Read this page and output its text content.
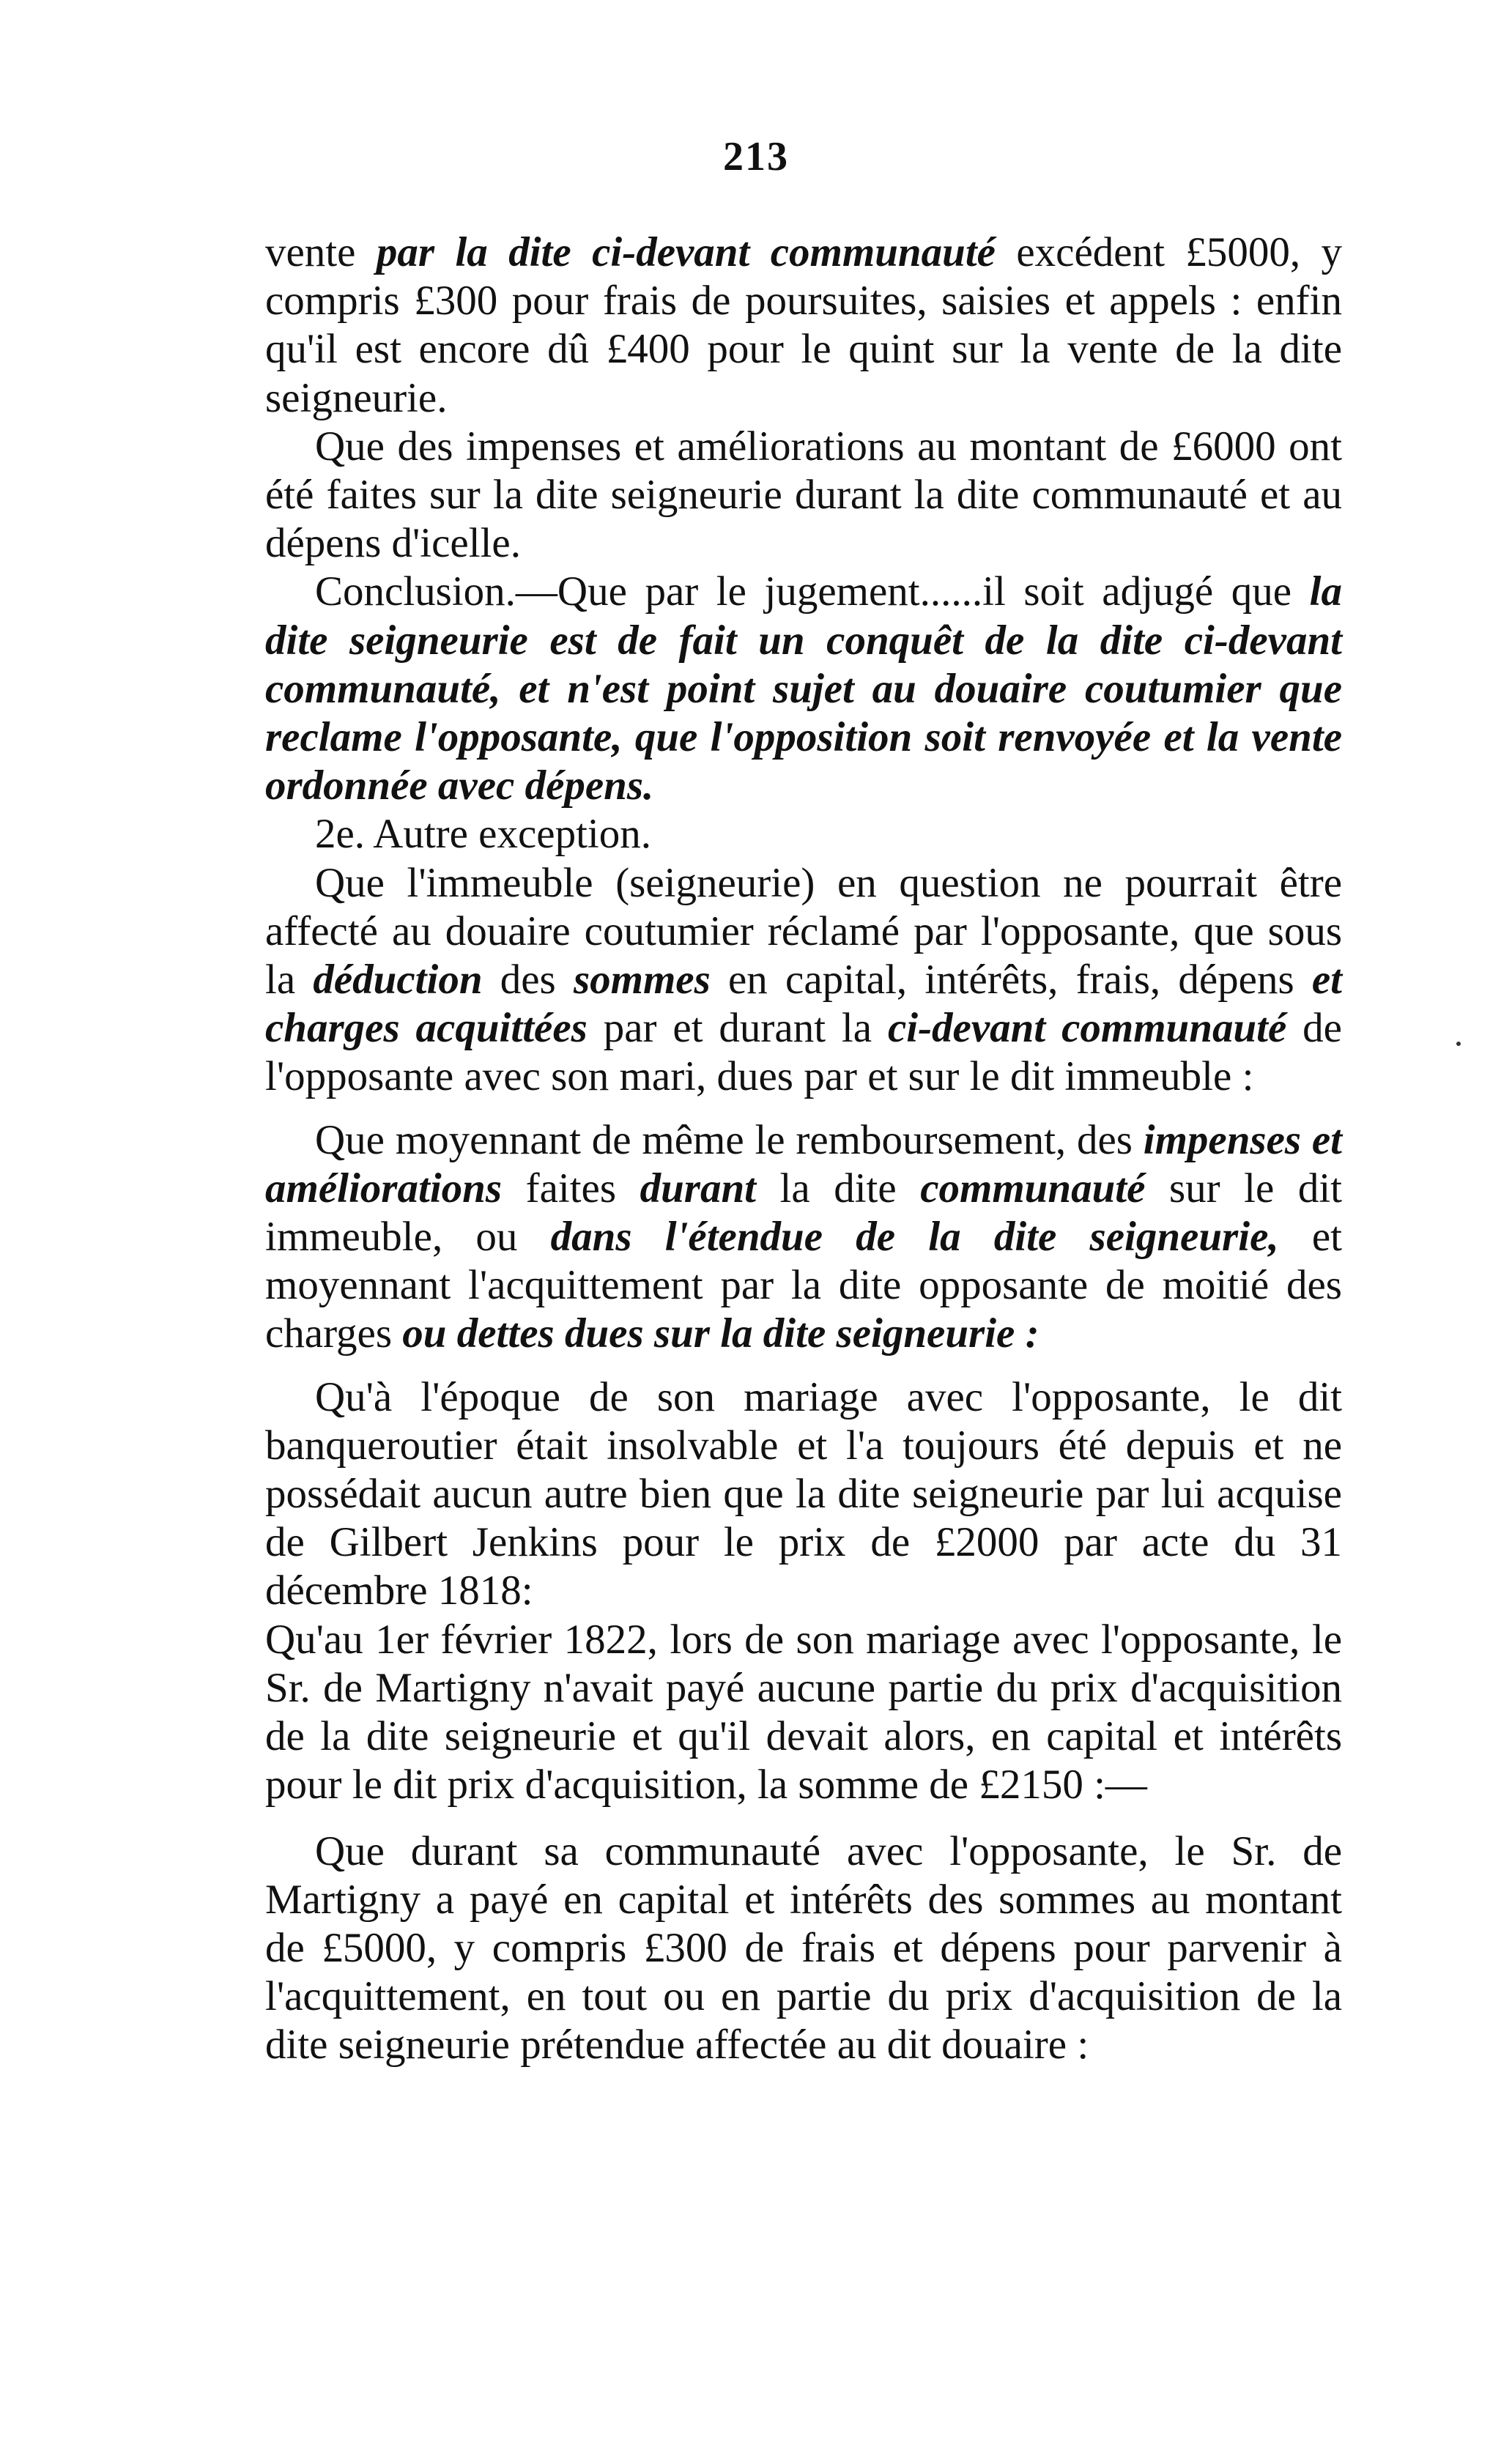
213

vente par la dite ci-devant communauté excédent £5000, y compris £300 pour frais de poursuites, saisies et appels : enfin qu'il est encore dû £400 pour le quint sur la vente de la dite seigneurie.

Que des impenses et améliorations au montant de £6000 ont été faites sur la dite seigneurie durant la dite communauté et au dépens d'icelle.

Conclusion.—Que par le jugement......il soit adjugé que la dite seigneurie est de fait un conquêt de la dite ci-devant communauté, et n'est point sujet au douaire coutumier que reclame l'opposante, que l'opposition soit renvoyée et la vente ordonnée avec dépens.

2e. Autre exception.

Que l'immeuble (seigneurie) en question ne pourrait être affecté au douaire coutumier réclamé par l'opposante, que sous la déduction des sommes en capital, intérêts, frais, dépens et charges acquittées par et durant la ci-devant communauté de l'opposante avec son mari, dues par et sur le dit immeuble :

Que moyennant de même le remboursement, des impenses et améliorations faites durant la dite communauté sur le dit immeuble, ou dans l'étendue de la dite seigneurie, et moyennant l'acquittement par la dite opposante de moitié des charges ou dettes dues sur la dite seigneurie :

Qu'à l'époque de son mariage avec l'opposante, le dit banqueroutier était insolvable et l'a toujours été depuis et ne possédait aucun autre bien que la dite seigneurie par lui acquise de Gilbert Jenkins pour le prix de £2000 par acte du 31 décembre 1818:

Qu'au 1er février 1822, lors de son mariage avec l'opposante, le Sr. de Martigny n'avait payé aucune partie du prix d'acquisition de la dite seigneurie et qu'il devait alors, en capital et intérêts pour le dit prix d'acquisition, la somme de £2150 :—

Que durant sa communauté avec l'opposante, le Sr. de Martigny a payé en capital et intérêts des sommes au montant de £5000, y compris £300 de frais et dépens pour parvenir à l'acquittement, en tout ou en partie du prix d'acquisition de la dite seigneurie prétendue affectée au dit douaire :
